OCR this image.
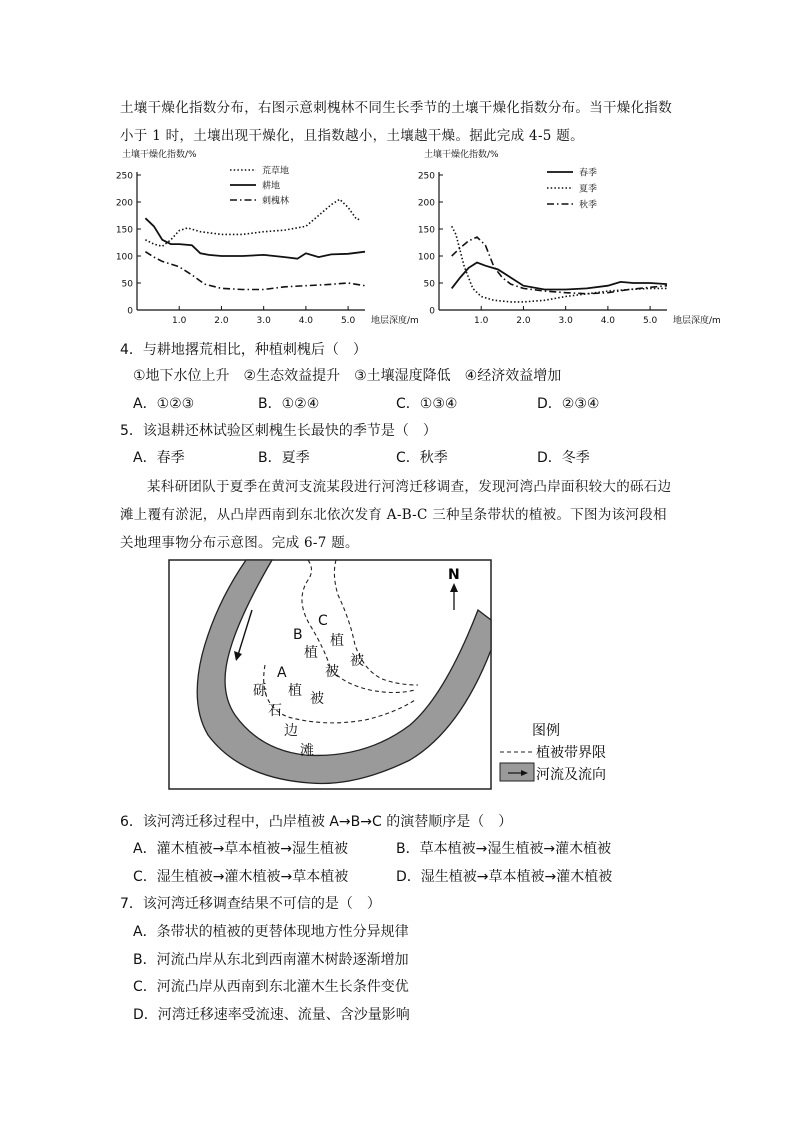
土壤干燥化指数分布，右图示意刺槐林不同生长季节的土壤干燥化指数分布。当干燥化指数
小于 1 时，土壤出现干燥化，且指数越小，土壤越干燥。据此完成 4-5 题。
0
50
100
150
200
250
1.0	2.0	3.0	4.0	5.0
土壤干燥化指数/%
地层深度/m
荒草地
耕地
刺槐林
0
50
100
150
200
250
1.0	2.0	3.0	4.0	5.0
土壤干燥化指数/%
地层深度/m
春季
夏季
秋季
4．与耕地撂荒相比，种植刺槐后（　）
①地下水位上升　②生态效益提升　③土壤湿度降低　④经济效益增加
A．①②③	B．①②④	C．①③④	D．②③④
5．该退耕还林试验区刺槐生长最快的季节是（　）
A．春季	B．夏季	C．秋季	D．冬季
某科研团队于夏季在黄河支流某段进行河湾迁移调查，发现河湾凸岸面积较大的砾石边
滩上覆有淤泥，从凸岸西南到东北依次发育 A-B-C 三种呈条带状的植被。下图为该河段相
关地理事物分布示意图。完成 6-7 题。
N
B
C
A
植
被
植
被
植 被
砾
石
边
滩
图例
植被带界限
河流及流向
6．该河湾迁移过程中，凸岸植被 A→B→C 的演替顺序是（　）
A．灌木植被→草本植被→湿生植被	B．草本植被→湿生植被→灌木植被
C．湿生植被→灌木植被→草本植被	D．湿生植被→草本植被→灌木植被
7．该河湾迁移调查结果不可信的是（　）
A．条带状的植被的更替体现地方性分异规律
B．河流凸岸从东北到西南灌木树龄逐渐增加
C．河流凸岸从西南到东北灌木生长条件变优
D．河湾迁移速率受流速、流量、含沙量影响
